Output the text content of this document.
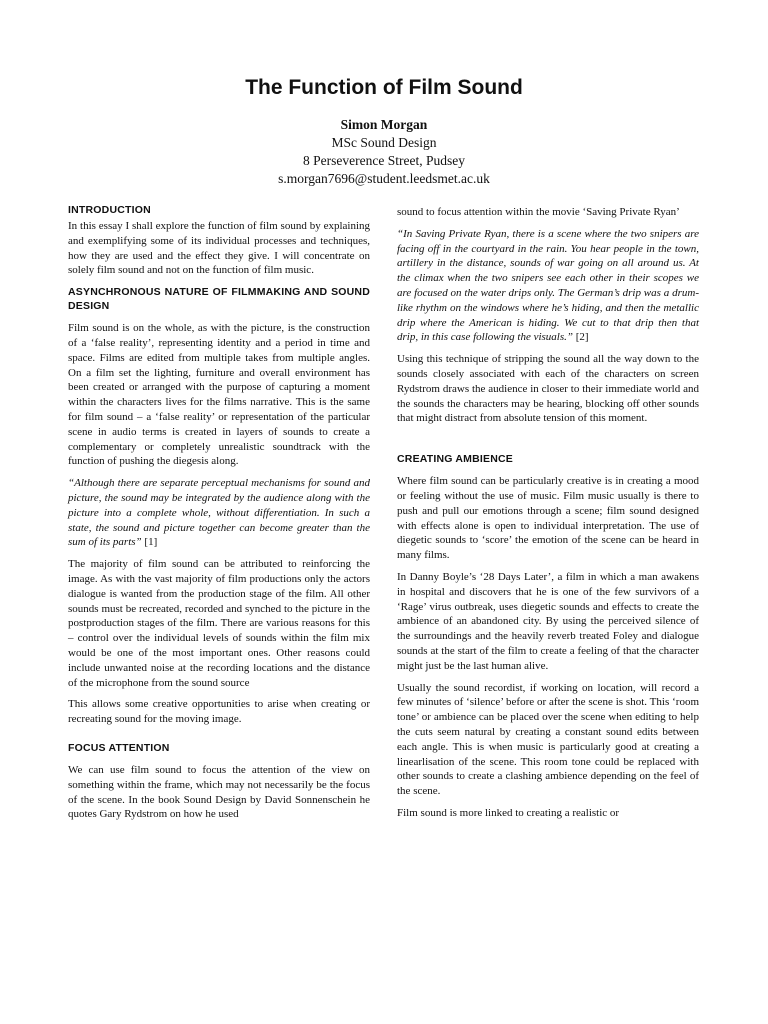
The Function of Film Sound
Simon Morgan
MSc Sound Design
8 Perseverence Street, Pudsey
s.morgan7696@student.leedsmet.ac.uk
INTRODUCTION

In this essay I shall explore the function of film sound by explaining and exemplifying some of its individual processes and techniques, how they are used and the effect they give. I will concentrate on solely film sound and not on the function of film music.

ASYNCHRONOUS NATURE OF FILMMAKING AND SOUND DESIGN

Film sound is on the whole, as with the picture, is the construction of a ‘false reality’, representing identity and a period in time and space. Films are edited from multiple takes from multiple angles. On a film set the lighting, furniture and overall environment has been created or arranged with the purpose of capturing a moment within the characters lives for the films narrative. This is the same for film sound – a ‘false reality’ or representation of the particular scene in audio terms is created in layers of sounds to create a complementary or completely unrealistic soundtrack with the function of pushing the diegesis along.

“Although there are separate perceptual mechanisms for sound and picture, the sound may be integrated by the audience along with the picture into a complete whole, without differentiation. In such a state, the sound and picture together can become greater than the sum of its parts” [1]

The majority of film sound can be attributed to reinforcing the image. As with the vast majority of film productions only the actors dialogue is wanted from the production stage of the film. All other sounds must be recreated, recorded and synched to the picture in the postproduction stages of the film. There are various reasons for this – control over the individual levels of sounds within the film mix would be one of the most important ones. Other reasons could include unwanted noise at the recording locations and the distance of the microphone from the sound source

This allows some creative opportunities to arise when creating or recreating sound for the moving image.

FOCUS ATTENTION

We can use film sound to focus the attention of the view on something within the frame, which may not necessarily be the focus of the scene. In the book Sound Design by David Sonnenschein he quotes Gary Rydstrom on how he used

sound to focus attention within the movie ‘Saving Private Ryan’

“In Saving Private Ryan, there is a scene where the two snipers are facing off in the courtyard in the rain. You hear people in the town, artillery in the distance, sounds of war going on all around us. At the climax when the two snipers see each other in their scopes we are focused on the water drips only. The German’s drip was a drum-like rhythm on the windows where he’s hiding, and then the metallic drip where the American is hiding. We cut to that drip then that drip, in this case following the visuals.” [2]

Using this technique of stripping the sound all the way down to the sounds closely associated with each of the characters on screen Rydstrom draws the audience in closer to their immediate world and the sounds the characters may be hearing, blocking off other sounds that might distract from absolute tension of this moment.

CREATING AMBIENCE

Where film sound can be particularly creative is in creating a mood or feeling without the use of music. Film music usually is there to push and pull our emotions through a scene; film sound designed with effects alone is open to individual interpretation. The use of diegetic sounds to ‘score’ the emotion of the scene can be heard in many films.

In Danny Boyle’s ‘28 Days Later’, a film in which a man awakens in hospital and discovers that he is one of the few survivors of a ‘Rage’ virus outbreak, uses diegetic sounds and effects to create the ambience of an abandoned city. By using the perceived silence of the surroundings and the heavily reverb treated Foley and dialogue sounds at the start of the film to create a feeling of that the character might just be the last human alive.

Usually the sound recordist, if working on location, will record a few minutes of ‘silence’ before or after the scene is shot. This ‘room tone’ or ambience can be placed over the scene when editing to help the cuts seem natural by creating a constant sound edits between each angle. This is when music is particularly good at creating a linearlisation of the scene. This room tone could be replaced with other sounds to create a clashing ambience depending on the feel of the scene.

Film sound is more linked to creating a realistic or
